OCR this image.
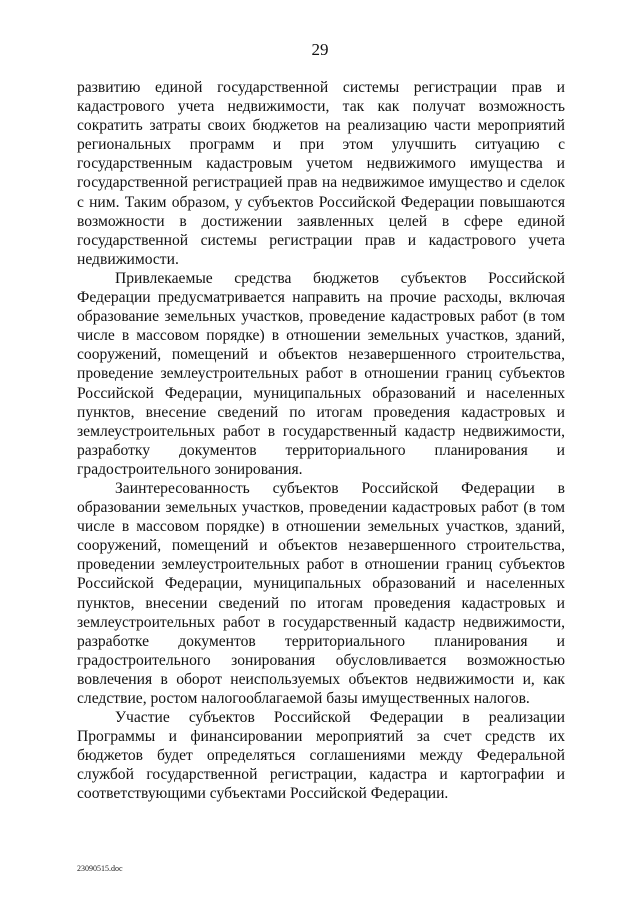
29

развитию единой государственной системы регистрации прав и кадастрового учета недвижимости, так как получат возможность сократить затраты своих бюджетов на реализацию части мероприятий региональных программ и при этом улучшить ситуацию с государственным кадастровым учетом недвижимого имущества и государственной регистрацией прав на недвижимое имущество и сделок с ним. Таким образом, у субъектов Российской Федерации повышаются возможности в достижении заявленных целей в сфере единой государственной системы регистрации прав и кадастрового учета недвижимости.

Привлекаемые средства бюджетов субъектов Российской Федерации предусматривается направить на прочие расходы, включая образование земельных участков, проведение кадастровых работ (в том числе в массовом порядке) в отношении земельных участков, зданий, сооружений, помещений и объектов незавершенного строительства, проведение землеустроительных работ в отношении границ субъектов Российской Федерации, муниципальных образований и населенных пунктов, внесение сведений по итогам проведения кадастровых и землеустроительных работ в государственный кадастр недвижимости, разработку документов территориального планирования и градостроительного зонирования.

Заинтересованность субъектов Российской Федерации в образовании земельных участков, проведении кадастровых работ (в том числе в массовом порядке) в отношении земельных участков, зданий, сооружений, помещений и объектов незавершенного строительства, проведении землеустроительных работ в отношении границ субъектов Российской Федерации, муниципальных образований и населенных пунктов, внесении сведений по итогам проведения кадастровых и землеустроительных работ в государственный кадастр недвижимости, разработке документов территориального планирования и градостроительного зонирования обусловливается возможностью вовлечения в оборот неиспользуемых объектов недвижимости и, как следствие, ростом налогооблагаемой базы имущественных налогов.

Участие субъектов Российской Федерации в реализации Программы и финансировании мероприятий за счет средств их бюджетов будет определяться соглашениями между Федеральной службой государственной регистрации, кадастра и картографии и соответствующими субъектами Российской Федерации.

23090515.doc
